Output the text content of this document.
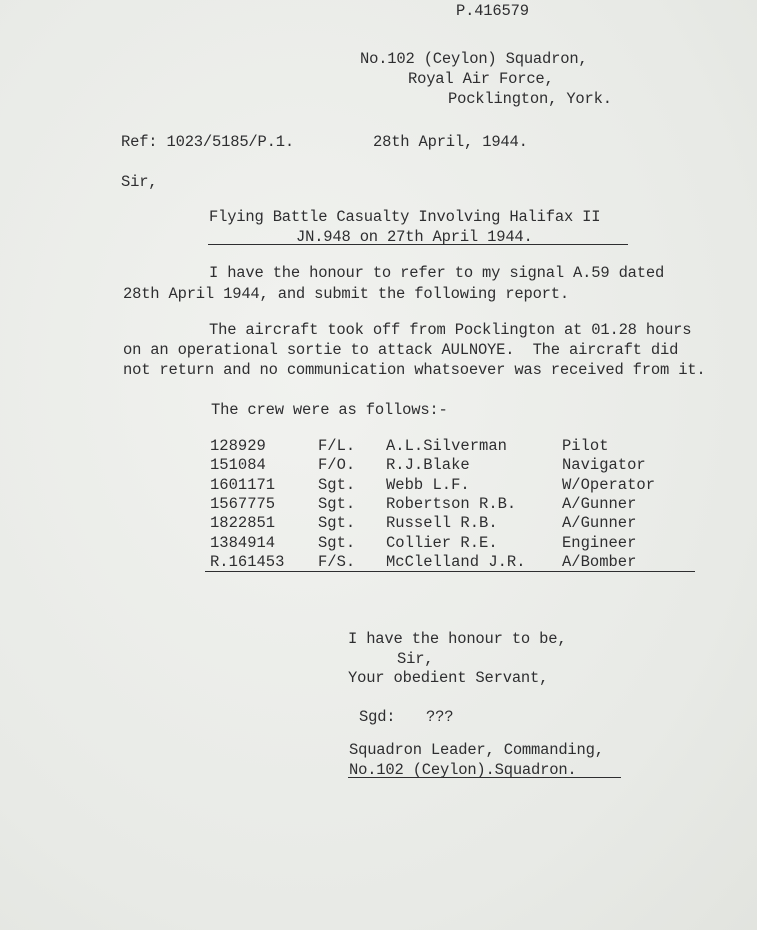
P.416579
No.102 (Ceylon) Squadron,
Royal Air Force,
Pocklington, York.
Ref: 1023/5185/P.1.	28th April, 1944.
Sir,
Flying Battle Casualty Involving Halifax II
JN.948 on 27th April 1944.
I have the honour to refer to my signal A.59 dated
28th April 1944, and submit the following report.
The aircraft took off from Pocklington at 01.28 hours
on an operational sortie to attack AULNOYE.  The aircraft did
not return and no communication whatsoever was received from it.
The crew were as follows:-
128929	F/L. A.L.Silverman	Pilot
151084	F/O. R.J.Blake	Navigator
1601171	Sgt. Webb L.F.	W/Operator
1567775	Sgt. Robertson R.B.	A/Gunner
1822851	Sgt. Russell R.B.	A/Gunner
1384914	Sgt. Collier R.E.	Engineer
R.161453 F/S. McClelland J.R. A/Bomber
I have the honour to be,
Sir,
Your obedient Servant,
Sgd: ???
Squadron Leader, Commanding,
No.102 (Ceylon).Squadron.
